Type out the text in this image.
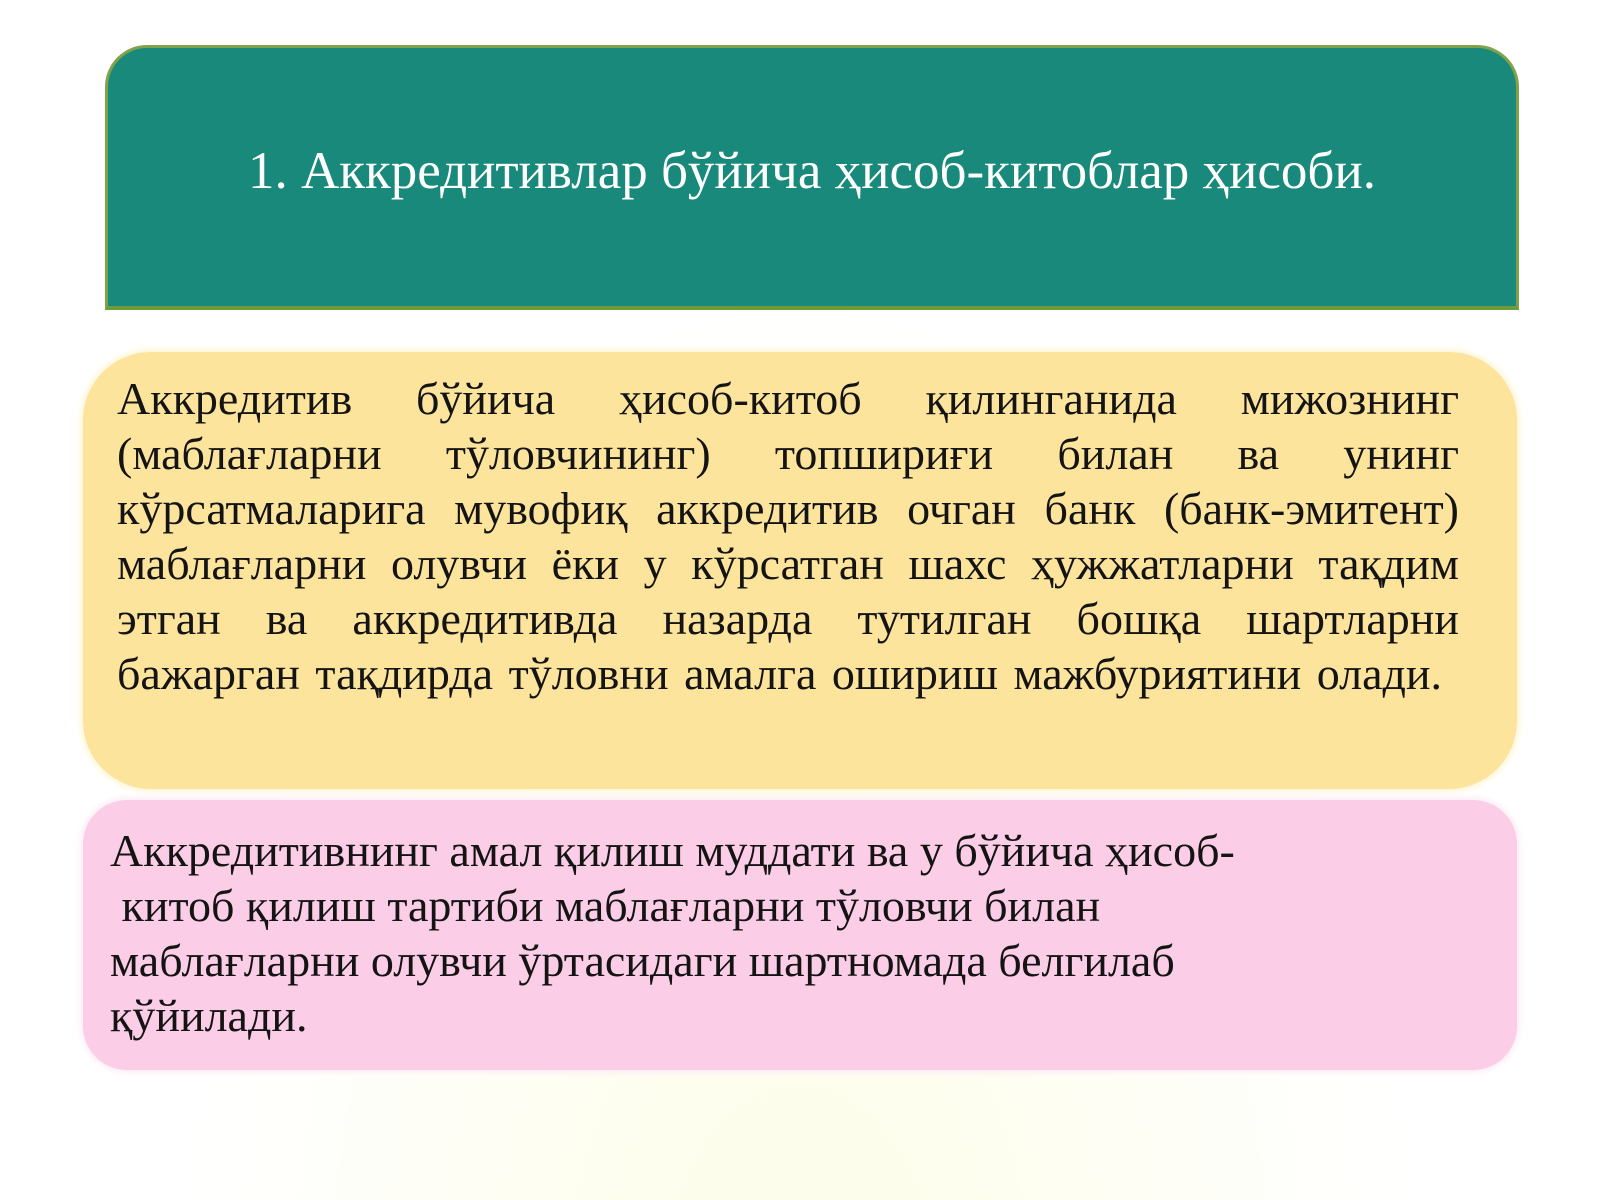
1. Аккредитивлар бўйича ҳисоб-китоблар ҳисоби.
Аккредитив бўйича ҳисоб-китоб қилинганида мижознинг (маблағларни тўловчининг) топшириғи билан ва унинг кўрсатмаларига мувофиқ аккредитив очган банк (банк-эмитент) маблағларни олувчи ёки у кўрсатган шахс ҳужжатларни тақдим этган ва аккредитивда назарда тутилган бошқа шартларни бажарган тақдирда тўловни амалга ошириш мажбуриятини олади.
Аккредитивнинг амал қилиш муддати ва у бўйича ҳисоб-
китоб қилиш тартиби маблағларни тўловчи билан
маблағларни олувчи ўртасидаги шартномада белгилаб
қўйилади.
